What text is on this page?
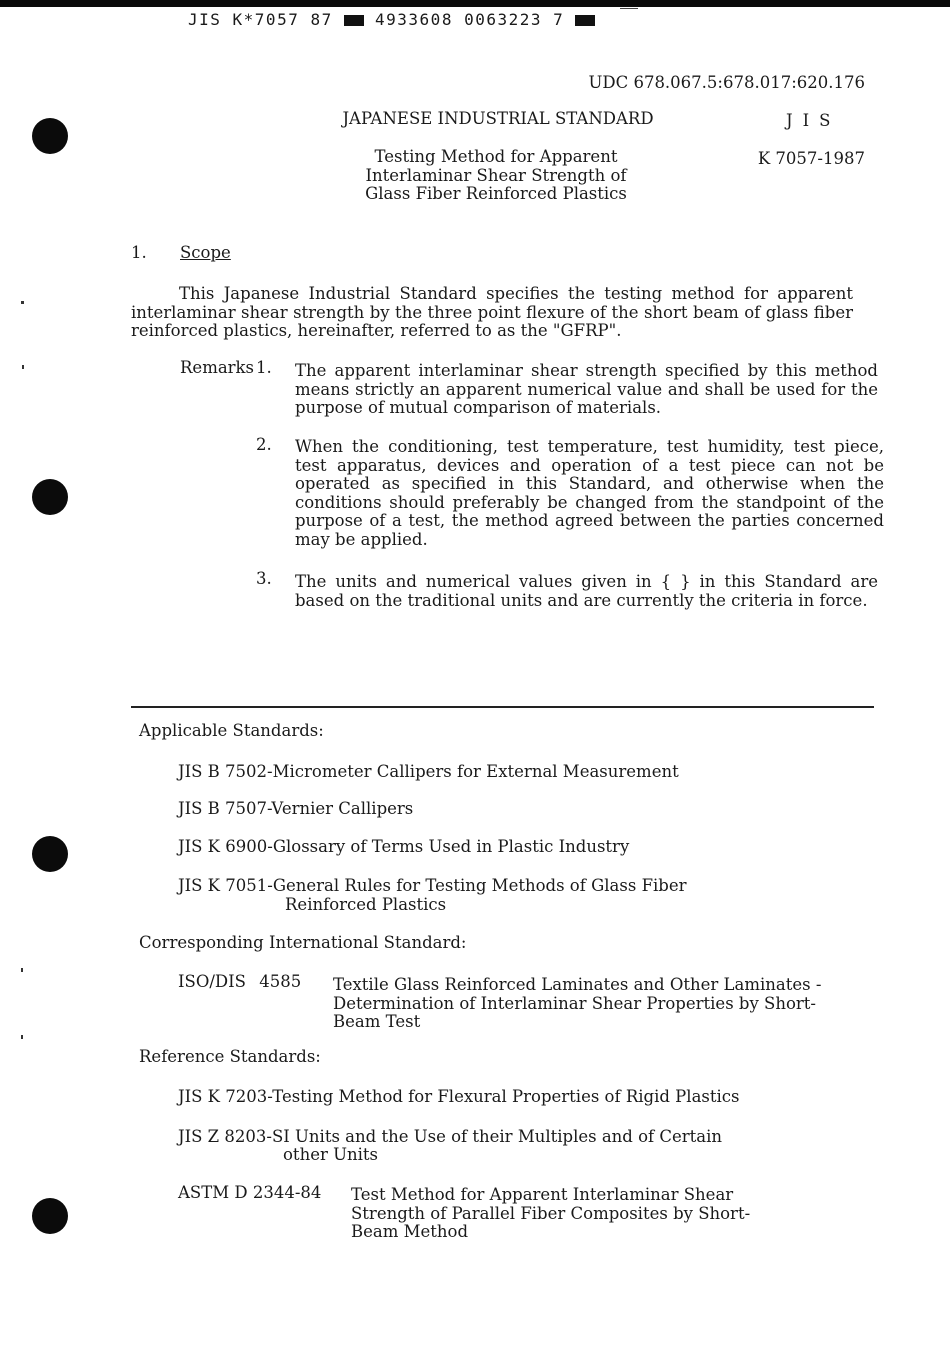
JIS K*7057 87	4933608 0063223 7
UDC 678.067.5:678.017:620.176
JAPANESE INDUSTRIAL STANDARD	JIS
Testing Method for Apparent
Interlaminar Shear Strength of
Glass Fiber Reinforced Plastics
K 7057-1987
1. Scope
This Japanese Industrial Standard specifies the testing method for apparent interlaminar shear strength by the three point flexure of the short beam of glass fiber reinforced plastics, hereinafter, referred to as the "GFRP".
Remarks 1. The apparent interlaminar shear strength specified by this method means strictly an apparent numerical value and shall be used for the purpose of mutual comparison of materials.
2. When the conditioning, test temperature, test humidity, test piece, test apparatus, devices and operation of a test piece can not be operated as specified in this Standard, and otherwise when the conditions should preferably be changed from the standpoint of the purpose of a test, the method agreed between the parties concerned may be applied.
3. The units and numerical values given in { } in this Standard are based on the traditional units and are currently the criteria in force.
Applicable Standards:
JIS B 7502-Micrometer Callipers for External Measurement
JIS B 7507-Vernier Callipers
JIS K 6900-Glossary of Terms Used in Plastic Industry
JIS K 7051-General Rules for Testing Methods of Glass Fiber
Reinforced Plastics
Corresponding International Standard:
ISO/DIS 4585 Textile Glass Reinforced Laminates and Other Laminates -Determination of Interlaminar Shear Properties by Short-Beam Test
Reference Standards:
JIS K 7203-Testing Method for Flexural Properties of Rigid Plastics
JIS Z 8203-SI Units and the Use of their Multiples and of Certain
other Units
ASTM D 2344-84 Test Method for Apparent Interlaminar Shear Strength of Parallel Fiber Composites by Short-Beam Method
